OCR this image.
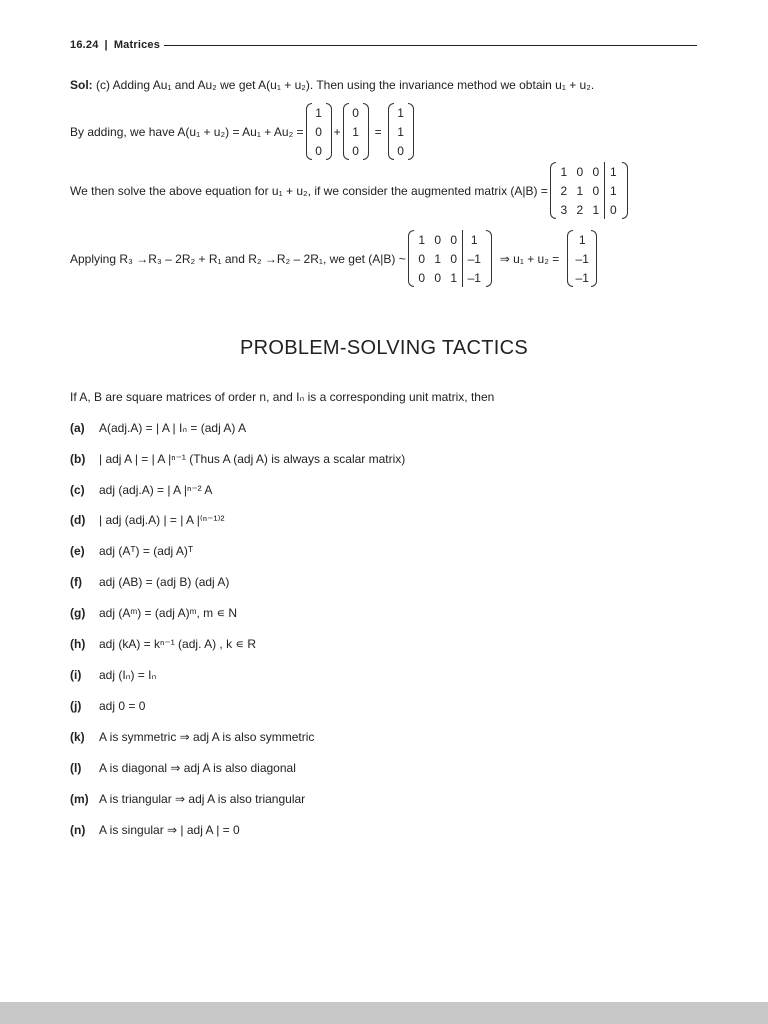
16.24 | Matrices
Sol: (c) Adding Au₁ and Au₂ we get A(u₁ + u₂). Then using the invariance method we obtain u₁ + u₂.
By adding, we have A(u₁ + u₂) = Au₁ + Au₂ =
1
0
0
+
0
1
0
=
1
1
0
We then solve the above equation for u₁ + u₂, if we consider the augmented matrix (A|B) =
1 0 0 1
2 1 0 1
3 2 1 0
Applying R₃ →R₃ – 2R₂ + R₁ and R₂ →R₂ – 2R₁, we get (A|B) ~
1 0 0	1
0 1 0 –1
0 0 1 –1
⇒ u₁ + u₂ =
1
–1
–1
PROBLEM-SOLVING TACTICS
If A, B are square matrices of order n, and Iₙ is a corresponding unit matrix, then
(a)	A(adj.A) = | A | Iₙ = (adj A) A
(b)	| adj A | = | A |ⁿ⁻¹ (Thus A (adj A) is always a scalar matrix)
(c)	adj (adj.A) = | A |ⁿ⁻² A
(d)	| adj (adj.A) | = | A |⁽ⁿ⁻¹⁾²
(e)	adj (Aᵀ) = (adj A)ᵀ
(f)	adj (AB) = (adj B) (adj A)
(g)	adj (Aᵐ) = (adj A)ᵐ, m ∊ N
(h)	adj (kA) = kⁿ⁻¹ (adj. A) , k ∊ R
(i)	adj (Iₙ) = Iₙ
(j)	adj 0 = 0
(k)	A is symmetric ⇒ adj A is also symmetric
(l)	A is diagonal ⇒ adj A is also diagonal
(m) A is triangular ⇒ adj A is also triangular
(n)	A is singular ⇒ | adj A | = 0
